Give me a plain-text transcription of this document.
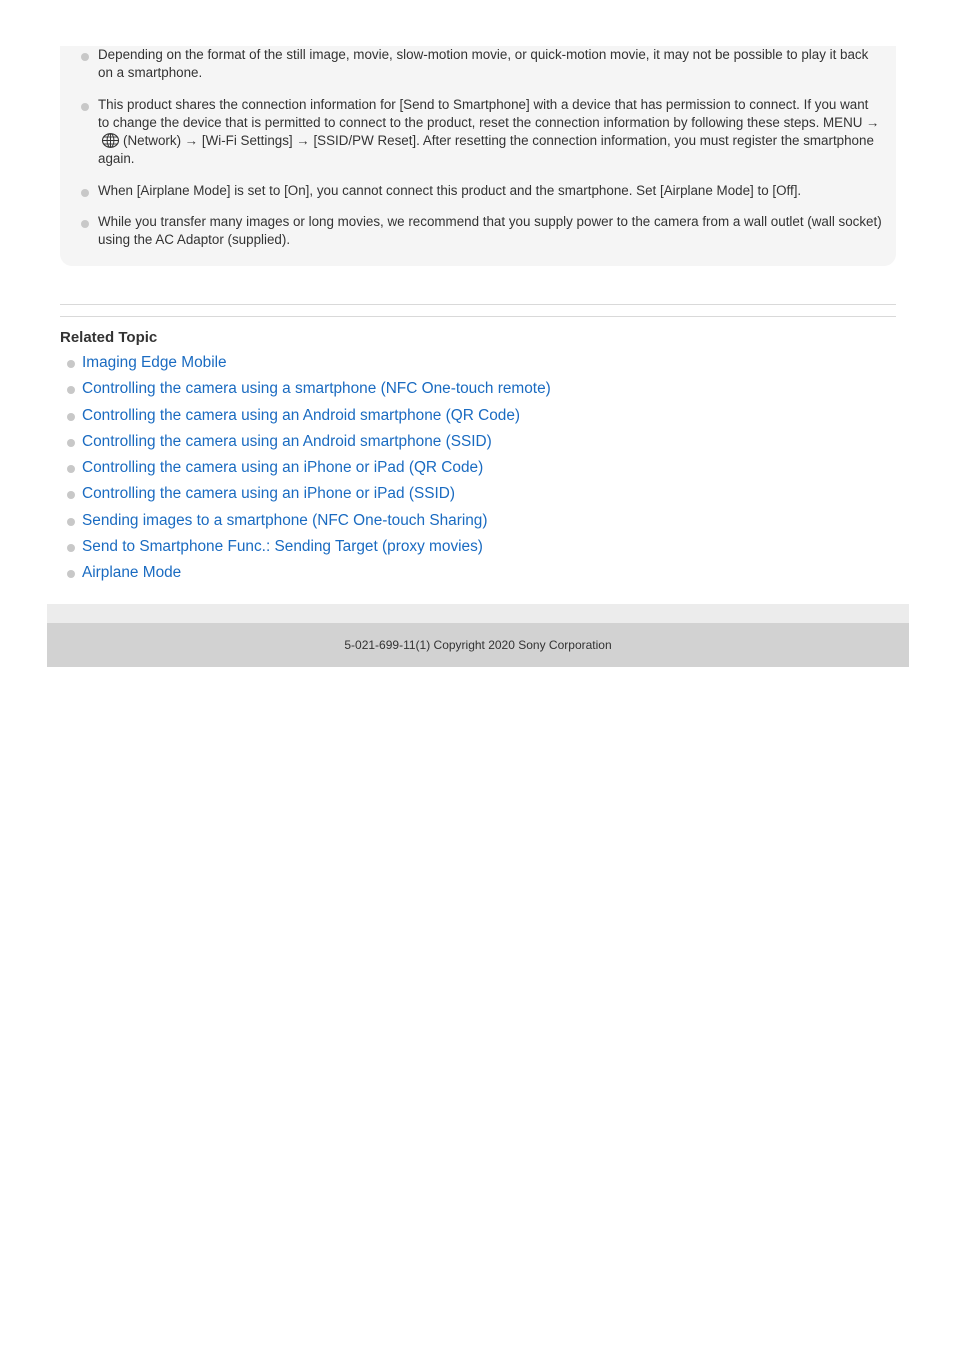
Depending on the format of the still image, movie, slow-motion movie, or quick-motion movie, it may not be possible to play it back on a smartphone.
This product shares the connection information for [Send to Smartphone] with a device that has permission to connect. If you want to change the device that is permitted to connect to the product, reset the connection information by following these steps. MENU →(Network) → [Wi-Fi Settings] → [SSID/PW Reset]. After resetting the connection information, you must register the smartphone again.
When [Airplane Mode] is set to [On], you cannot connect this product and the smartphone. Set [Airplane Mode] to [Off].
While you transfer many images or long movies, we recommend that you supply power to the camera from a wall outlet (wall socket) using the AC Adaptor (supplied).
Related Topic
Imaging Edge Mobile
Controlling the camera using a smartphone (NFC One-touch remote)
Controlling the camera using an Android smartphone (QR Code)
Controlling the camera using an Android smartphone (SSID)
Controlling the camera using an iPhone or iPad (QR Code)
Controlling the camera using an iPhone or iPad (SSID)
Sending images to a smartphone (NFC One-touch Sharing)
Send to Smartphone Func.: Sending Target (proxy movies)
Airplane Mode
5-021-699-11(1) Copyright 2020 Sony Corporation
